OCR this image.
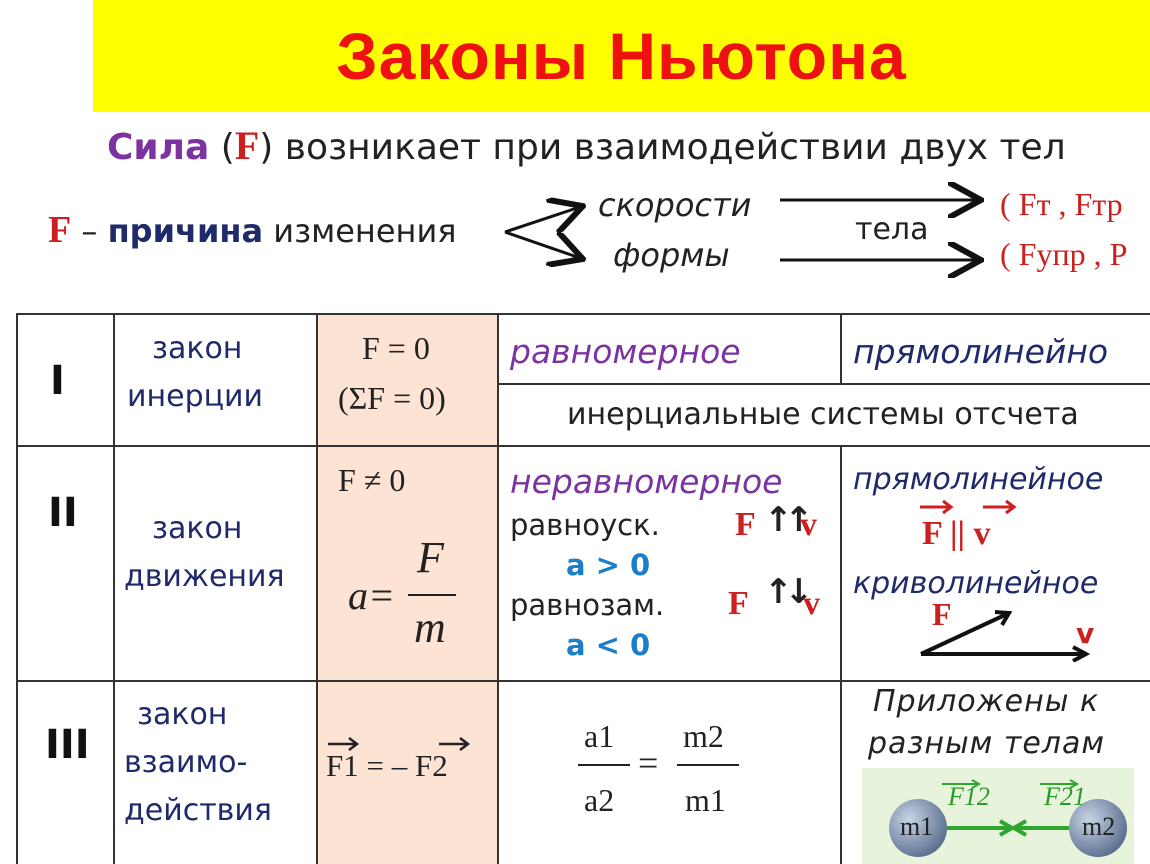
Законы Ньютона
Сила (F) возникает при взаимодействии двух тел
F – причина изменения
скорости
формы
тела
( Fт , Fтр
( Fупр , Р
I
закон
инерции
F = 0
(ΣF = 0)
равномерное	прямолинейно
инерциальные системы отсчета
II закон
движения
F ≠ 0
a=
F
m
неравномерное
равноуск.
a > 0
равнозам.
a < 0
F ↑↑
v
F ↑↓
v
прямолинейное
F || v
криволинейное
F
v
III
закон
взаимо-
действия
F1 = – F2
a1
a2
=
m2
m1
Приложены к
разным телам
F12 F21
m1	m2
